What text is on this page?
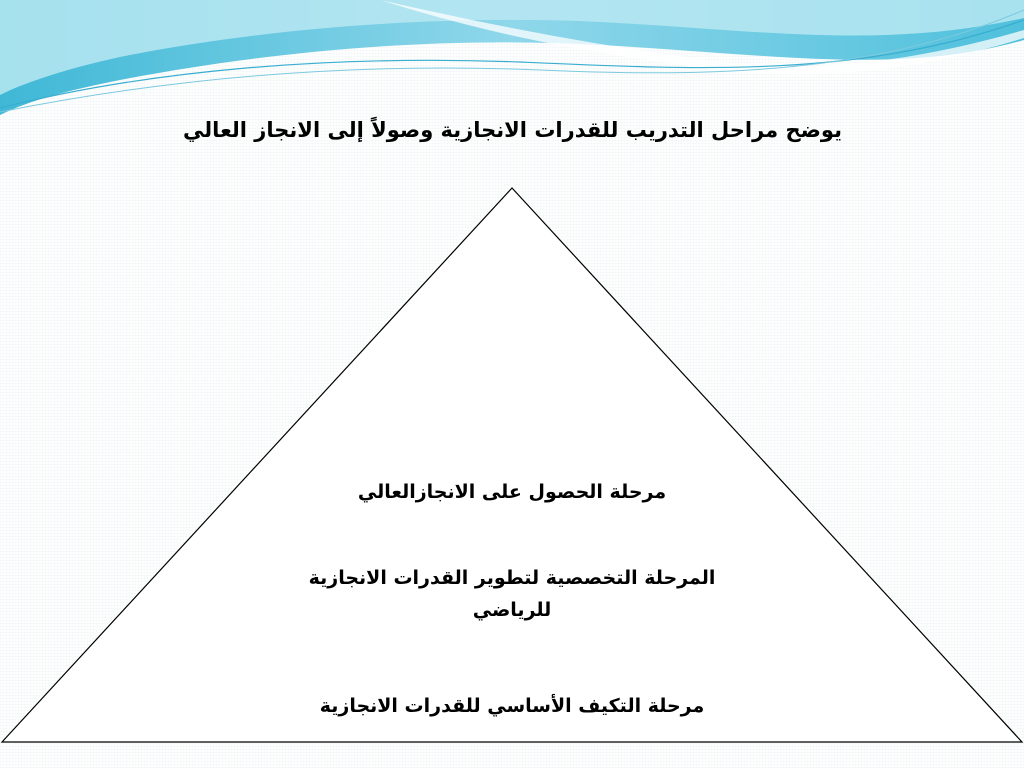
يوضح مراحل التدريب للقدرات الانجازية وصولاً إلى الانجاز العالي
مرحلة الحصول على الانجازالعالي
المرحلة التخصصية لتطوير القدرات الانجازية للرياضي
مرحلة التكيف الأساسي للقدرات الانجازية
